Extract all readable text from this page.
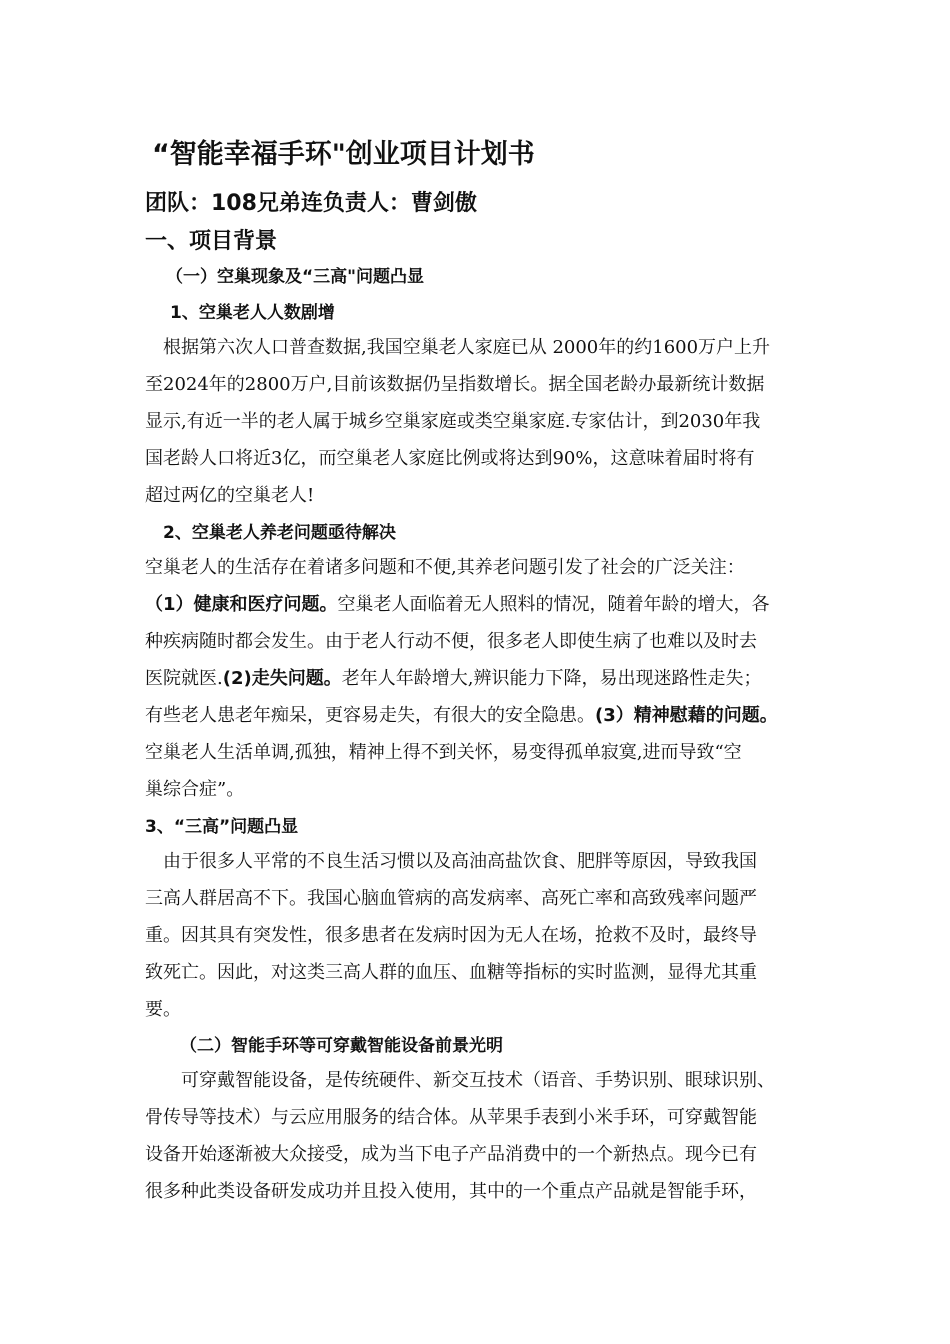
“智能幸福手环"创业项目计划书
团队：108兄弟连负责人：曹剑傲
一、项目背景
（一）空巢现象及“三高"问题凸显
1、空巢老人人数剧增
根据第六次人口普查数据,我国空巢老人家庭已从 2000年的约1600万户上升
至2024年的2800万户,目前该数据仍呈指数增长。据全国老龄办最新统计数据
显示,有近一半的老人属于城乡空巢家庭或类空巢家庭.专家估计，到2030年我
国老龄人口将近3亿，而空巢老人家庭比例或将达到90%，这意味着届时将有
超过两亿的空巢老人!
2、空巢老人养老问题亟待解决
空巢老人的生活存在着诸多问题和不便,其养老问题引发了社会的广泛关注：
（1）健康和医疗问题。空巢老人面临着无人照料的情况，随着年龄的增大，各
种疾病随时都会发生。由于老人行动不便，很多老人即使生病了也难以及时去
医院就医.(2)走失问题。老年人年龄增大,辨识能力下降，易出现迷路性走失；
有些老人患老年痴呆，更容易走失，有很大的安全隐患。(3）精神慰藉的问题。
空巢老人生活单调,孤独，精神上得不到关怀，易变得孤单寂寞,进而导致“空
巢综合症”。
3、“三高”问题凸显
由于很多人平常的不良生活习惯以及高油高盐饮食、肥胖等原因，导致我国
三高人群居高不下。我国心脑血管病的高发病率、高死亡率和高致残率问题严
重。因其具有突发性，很多患者在发病时因为无人在场，抢救不及时，最终导
致死亡。因此，对这类三高人群的血压、血糖等指标的实时监测，显得尤其重
要。
（二）智能手环等可穿戴智能设备前景光明
可穿戴智能设备，是传统硬件、新交互技术（语音、手势识别、眼球识别、
骨传导等技术）与云应用服务的结合体。从苹果手表到小米手环，可穿戴智能
设备开始逐渐被大众接受，成为当下电子产品消费中的一个新热点。现今已有
很多种此类设备研发成功并且投入使用，其中的一个重点产品就是智能手环，
